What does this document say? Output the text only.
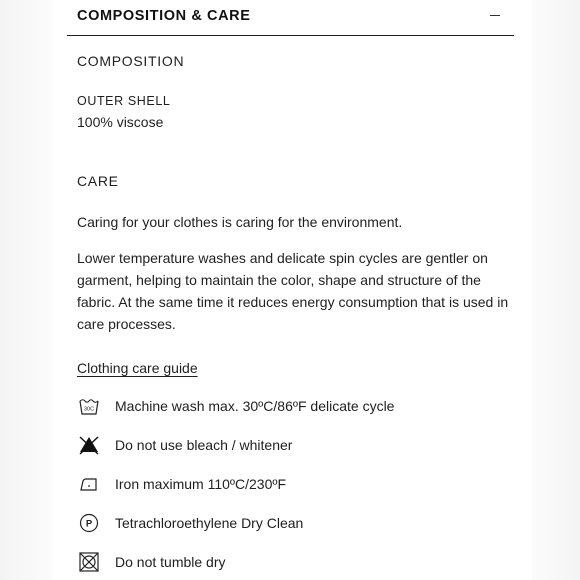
COMPOSITION & CARE
COMPOSITION
OUTER SHELL
100% viscose
CARE
Caring for your clothes is caring for the environment.
Lower temperature washes and delicate spin cycles are gentler on garment, helping to maintain the color, shape and structure of the fabric. At the same time it reduces energy consumption that is used in care processes.
Clothing care guide
30C Machine wash max. 30ºC/86ºF delicate cycle
Do not use bleach / whitener
Iron maximum 110ºC/230ºF
P Tetrachloroethylene Dry Clean
Do not tumble dry
